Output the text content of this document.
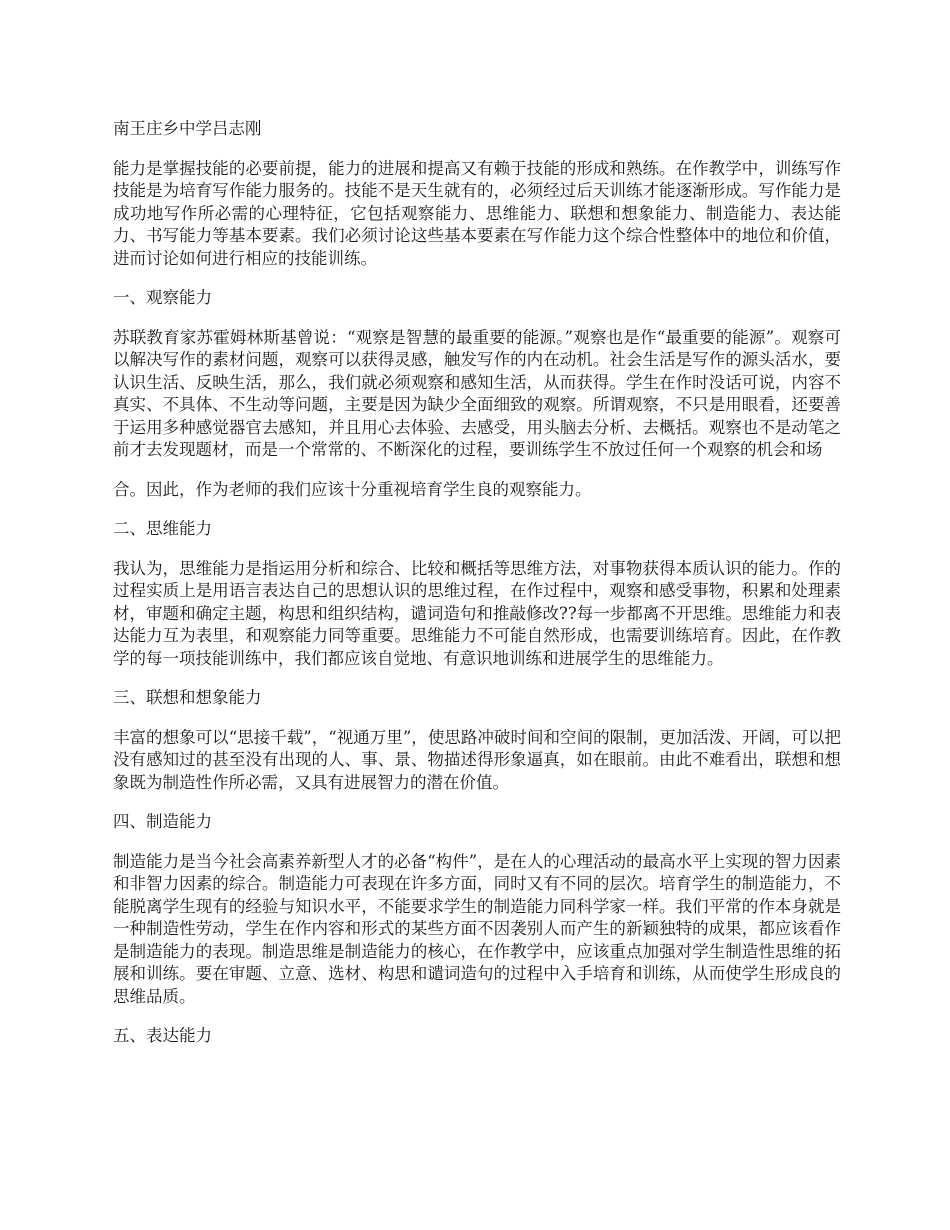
南王庄乡中学吕志刚

能力是掌握技能的必要前提，能力的进展和提高又有赖于技能的形成和熟练。在作教学中，训练写作技能是为培育写作能力服务的。技能不是天生就有的，必须经过后天训练才能逐渐形成。写作能力是成功地写作所必需的心理特征，它包括观察能力、思维能力、联想和想象能力、制造能力、表达能力、书写能力等基本要素。我们必须讨论这些基本要素在写作能力这个综合性整体中的地位和价值，进而讨论如何进行相应的技能训练。

一、观察能力

苏联教育家苏霍姆林斯基曾说：“观察是智慧的最重要的能源。”观察也是作“最重要的能源”。观察可以解决写作的素材问题，观察可以获得灵感，触发写作的内在动机。社会生活是写作的源头活水，要认识生活、反映生活，那么，我们就必须观察和感知生活，从而获得。学生在作时没话可说，内容不真实、不具体、不生动等问题，主要是因为缺少全面细致的观察。所谓观察，不只是用眼看，还要善于运用多种感觉器官去感知，并且用心去体验、去感受，用头脑去分析、去概括。观察也不是动笔之前才去发现题材，而是一个常常的、不断深化的过程，要训练学生不放过任何一个观察的机会和场

合。因此，作为老师的我们应该十分重视培育学生良的观察能力。

二、思维能力

我认为，思维能力是指运用分析和综合、比较和概括等思维方法，对事物获得本质认识的能力。作的过程实质上是用语言表达自己的思想认识的思维过程，在作过程中，观察和感受事物，积累和处理素材，审题和确定主题，构思和组织结构，谴词造句和推敲修改??每一步都离不开思维。思维能力和表达能力互为表里，和观察能力同等重要。思维能力不可能自然形成，也需要训练培育。因此，在作教学的每一项技能训练中，我们都应该自觉地、有意识地训练和进展学生的思维能力。

三、联想和想象能力

丰富的想象可以“思接千载”，“视通万里”，使思路冲破时间和空间的限制，更加活泼、开阔，可以把没有感知过的甚至没有出现的人、事、景、物描述得形象逼真，如在眼前。由此不难看出，联想和想象既为制造性作所必需，又具有进展智力的潜在价值。

四、制造能力

制造能力是当今社会高素养新型人才的必备“构件”，是在人的心理活动的最高水平上实现的智力因素和非智力因素的综合。制造能力可表现在许多方面，同时又有不同的层次。培育学生的制造能力，不能脱离学生现有的经验与知识水平，不能要求学生的制造能力同科学家一样。我们平常的作本身就是一种制造性劳动，学生在作内容和形式的某些方面不因袭别人而产生的新颖独特的成果，都应该看作是制造能力的表现。制造思维是制造能力的核心，在作教学中，应该重点加强对学生制造性思维的拓展和训练。要在审题、立意、选材、构思和谴词造句的过程中入手培育和训练，从而使学生形成良的思维品质。

五、表达能力
